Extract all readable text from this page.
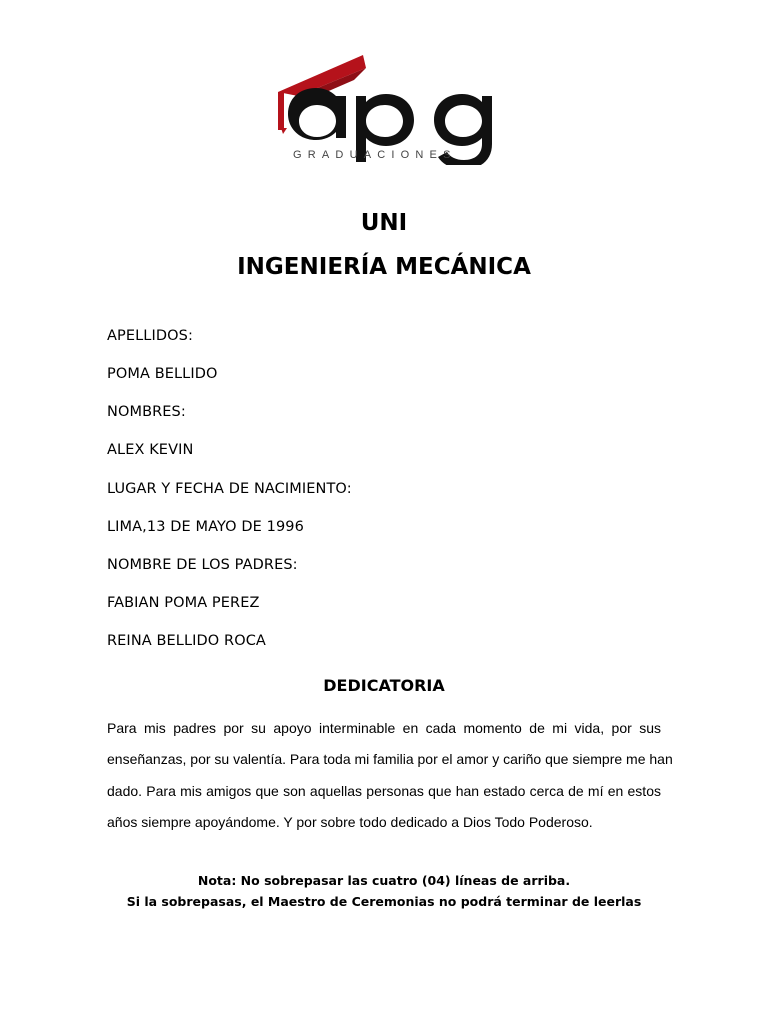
GRADUACIONES
UNI
INGENIERÍA MECÁNICA

APELLIDOS:

POMA BELLIDO

NOMBRES:

ALEX KEVIN

LUGAR Y FECHA DE NACIMIENTO:

LIMA,13 DE MAYO DE 1996

NOMBRE DE LOS PADRES:

FABIAN POMA PEREZ

REINA BELLIDO ROCA

DEDICATORIA
Para mis padres por su apoyo interminable en cada momento de mi vida, por sus
enseñanzas, por su valentía. Para toda mi familia por el amor y cariño que siempre me han
dado. Para mis amigos que son aquellas personas que han estado cerca de mí en estos
años siempre apoyándome. Y por sobre todo dedicado a Dios Todo Poderoso.

Nota: No sobrepasar las cuatro (04) líneas de arriba.

Si la sobrepasas, el Maestro de Ceremonias no podrá terminar de leerlas
